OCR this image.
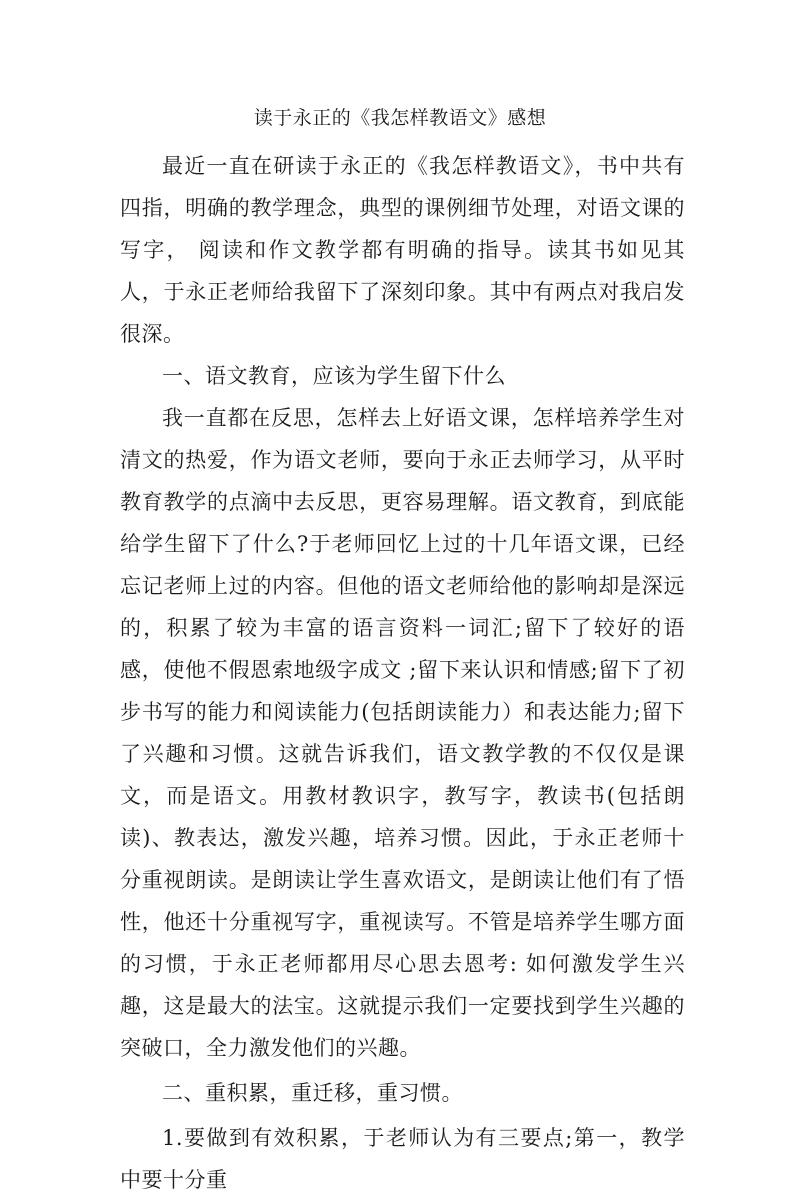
读于永正的《我怎样教语文》感想

最近一直在研读于永正的《我怎样教语文》，书中共有四指，明确的教学理念，典型的课例细节处理，对语文课的写字， 阅读和作文教学都有明确的指导。读其书如见其人，于永正老师给我留下了深刻印象。其中有两点对我启发很深。

一、语文教育，应该为学生留下什么

我一直都在反思，怎样去上好语文课，怎样培养学生对清文的热爱，作为语文老师，要向于永正去师学习，从平时教育教学的点滴中去反思，更容易理解。语文教育，到底能给学生留下了什么?于老师回忆上过的十几年语文课，已经忘记老师上过的内容。但他的语文老师给他的影响却是深远的，积累了较为丰富的语言资料一词汇;留下了较好的语感，使他不假恩索地级字成文 ;留下来认识和情感;留下了初步书写的能力和阅读能力(包括朗读能力）和表达能力;留下了兴趣和习惯。这就告诉我们，语文教学教的不仅仅是课文，而是语文。用教材教识字，教写字，教读书(包括朗读)、教表达，激发兴趣，培养习惯。因此，于永正老师十分重视朗读。是朗读让学生喜欢语文，是朗读让他们有了悟性，他还十分重视写字，重视读写。不管是培养学生哪方面的习惯，于永正老师都用尽心思去恩考: 如何激发学生兴趣，这是最大的法宝。这就提示我们一定要找到学生兴趣的突破口，全力激发他们的兴趣。

二、重积累，重迁移，重习惯。

1.要做到有效积累，于老师认为有三要点;第一，教学中要十分重
